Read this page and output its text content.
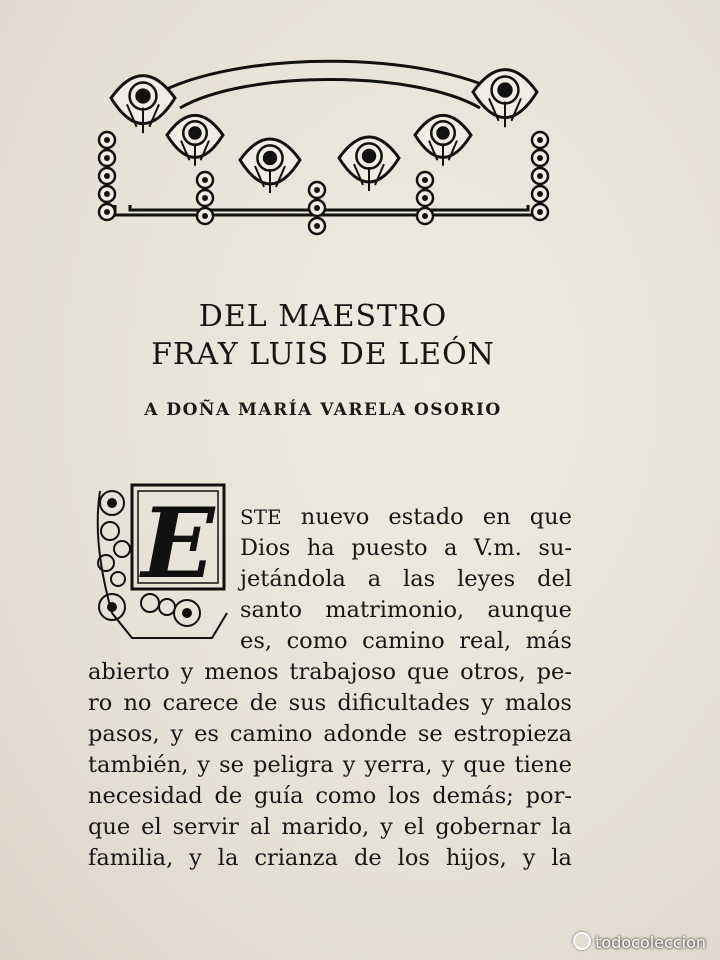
DEL MAESTRO
FRAY LUIS DE LEÓN
A DOÑA MARÍA VARELA OSORIO
E STE nuevo estado en que
Dios ha puesto a V.m. su-
jetándola a las leyes del
santo matrimonio, aunque
es, como camino real, más
abierto y menos trabajoso que otros, pe-
ro no carece de sus dificultades y malos
pasos, y es camino adonde se estropieza
también, y se peligra y yerra, y que tiene
necesidad de guía como los demás; por-
que el servir al marido, y el gobernar la
familia, y la crianza de los hijos, y la
todocoleccion
